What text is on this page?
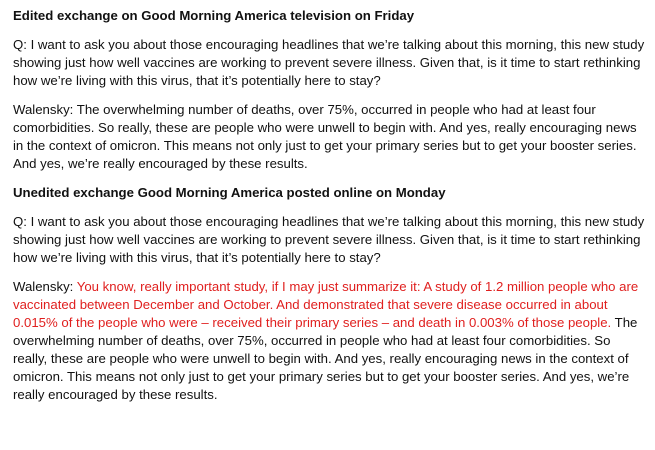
Edited exchange on Good Morning America television on Friday

Q: I want to ask you about those encouraging headlines that we’re talking about this morning, this new study showing just how well vaccines are working to prevent severe illness. Given that, is it time to start rethinking how we’re living with this virus, that it’s potentially here to stay?

Walensky: The overwhelming number of deaths, over 75%, occurred in people who had at least four comorbidities. So really, these are people who were unwell to begin with. And yes, really encouraging news in the context of omicron. This means not only just to get your primary series but to get your booster series. And yes, we’re really encouraged by these results.

Unedited exchange Good Morning America posted online on Monday

Q: I want to ask you about those encouraging headlines that we’re talking about this morning, this new study showing just how well vaccines are working to prevent severe illness. Given that, is it time to start rethinking how we’re living with this virus, that it’s potentially here to stay?

Walensky: You know, really important study, if I may just summarize it: A study of 1.2 million people who are vaccinated between December and October. And demonstrated that severe disease occurred in about 0.015% of the people who were – received their primary series – and death in 0.003% of those people. The overwhelming number of deaths, over 75%, occurred in people who had at least four comorbidities. So really, these are people who were unwell to begin with. And yes, really encouraging news in the context of omicron. This means not only just to get your primary series but to get your booster series. And yes, we’re really encouraged by these results.
